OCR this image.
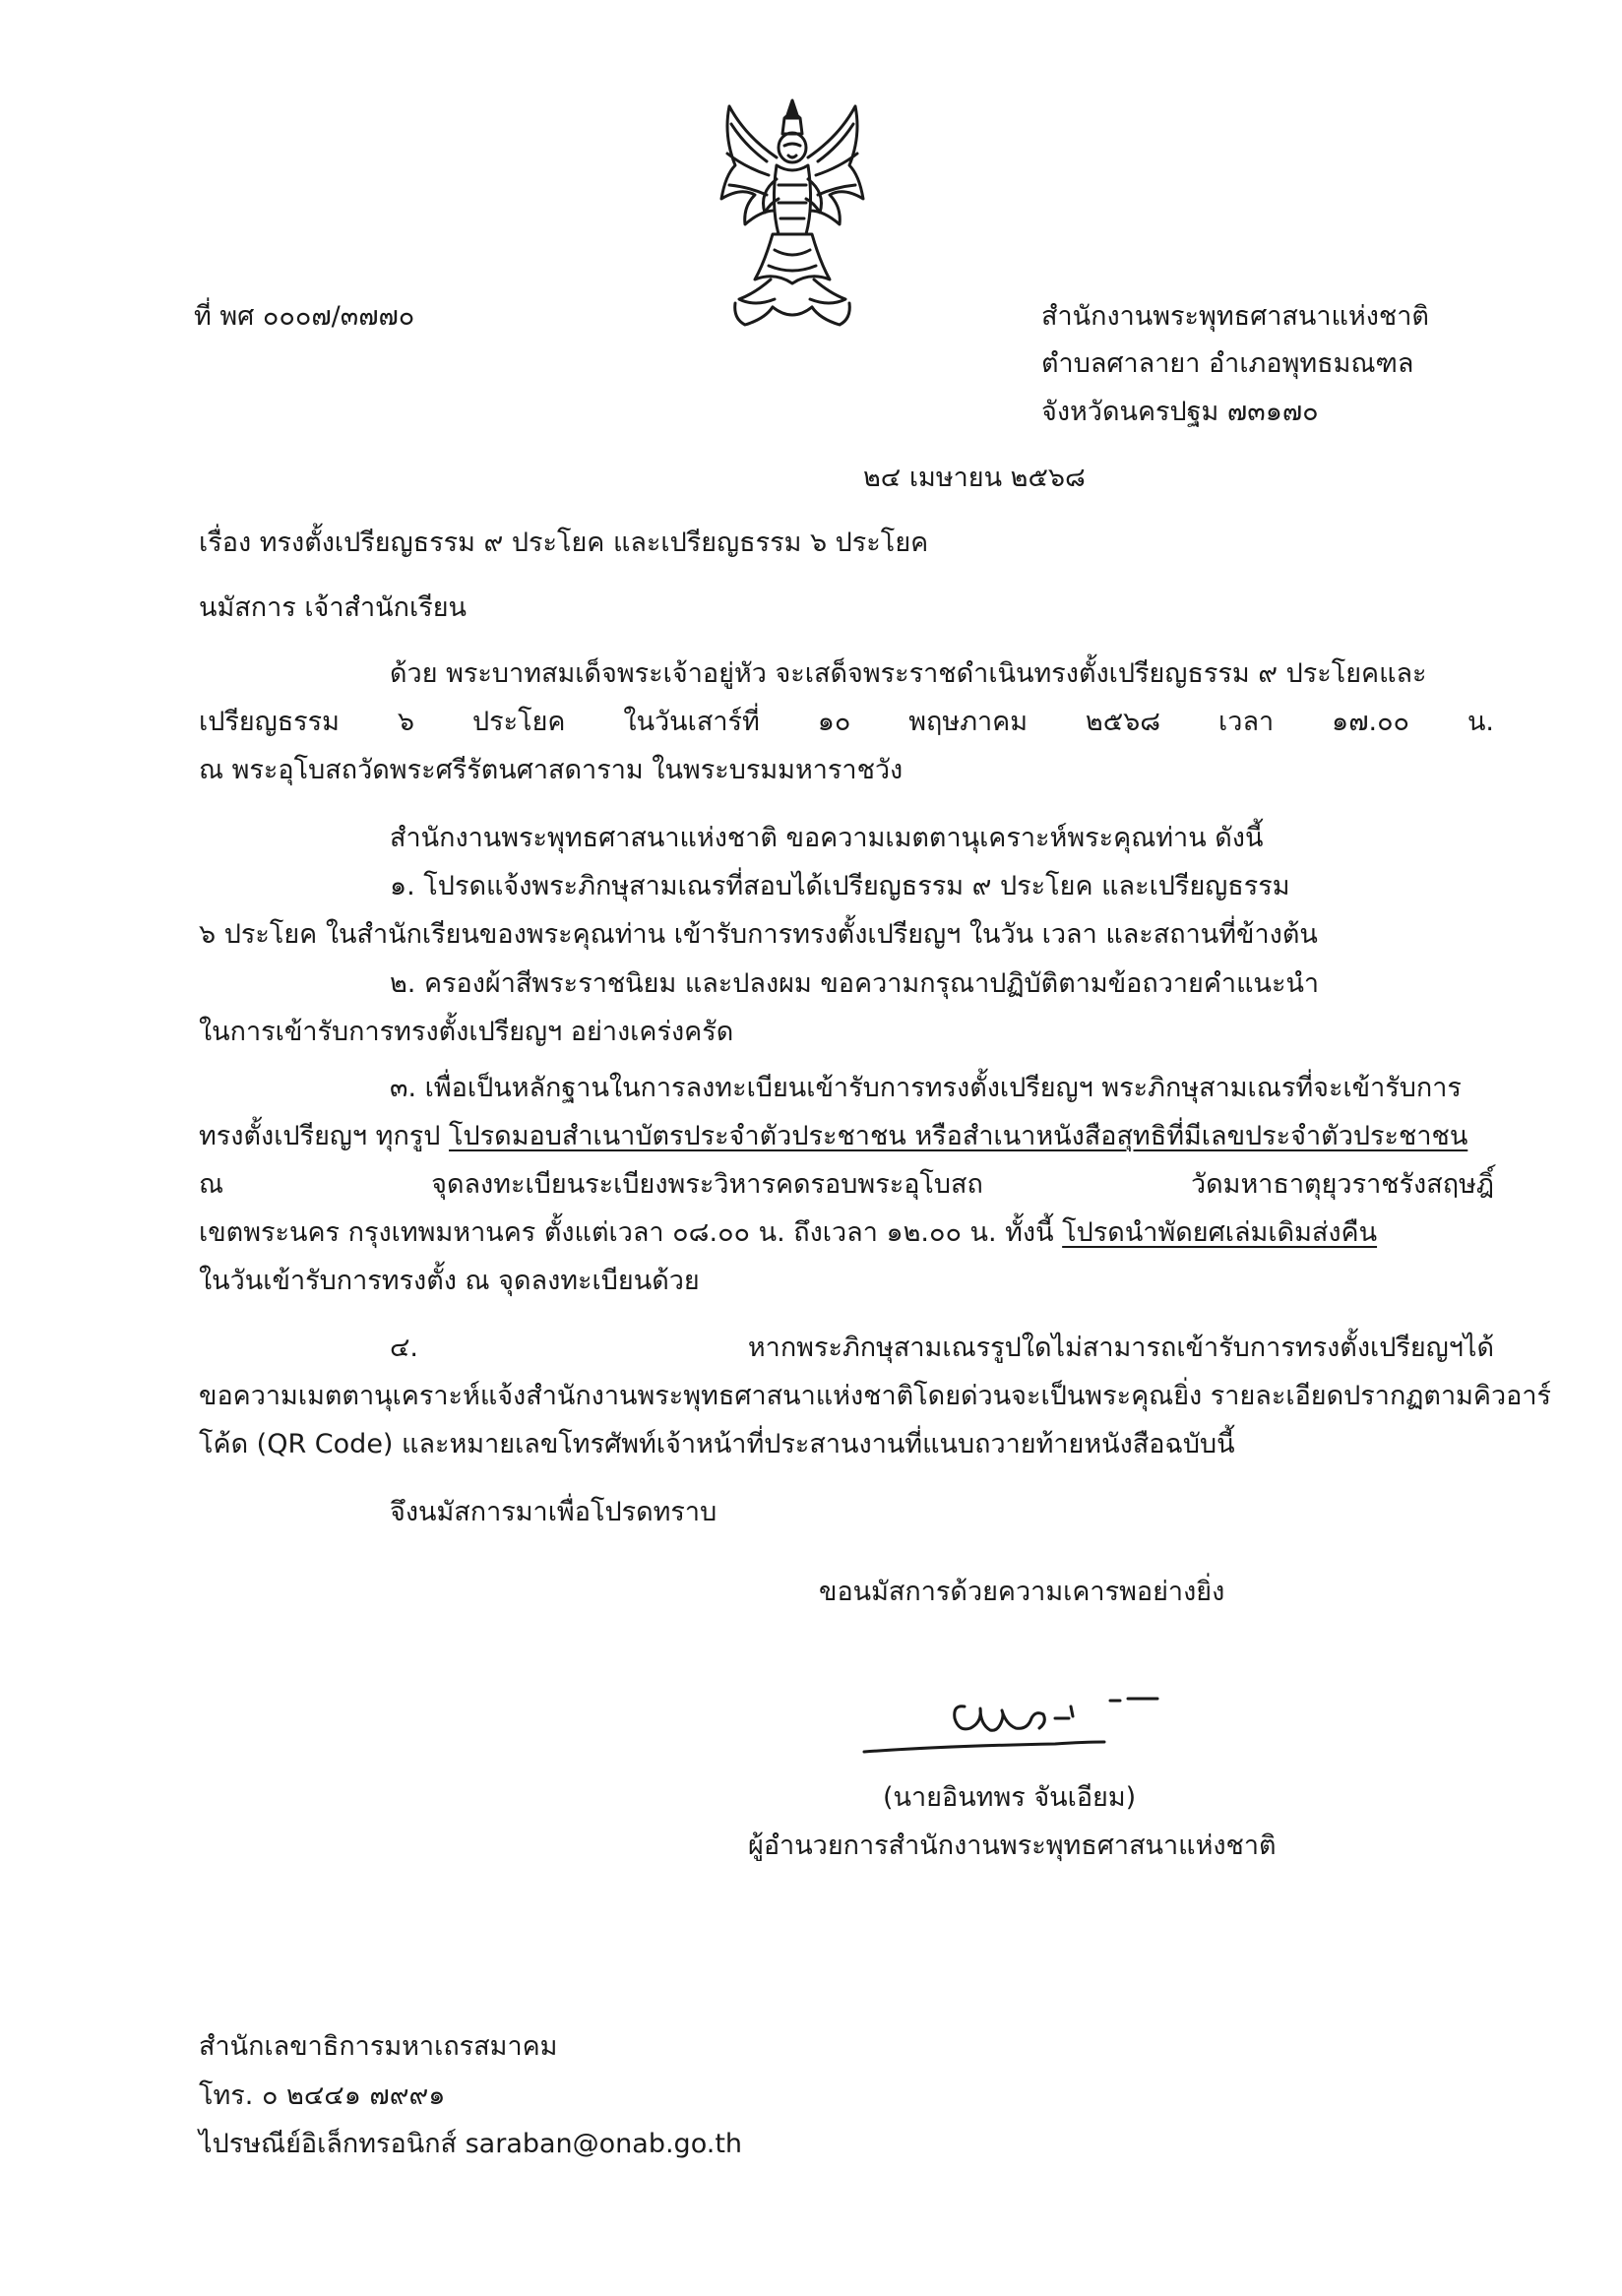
ที่ พศ ๐๐๐๗/๓๗๗๐	สำนักงานพระพุทธศาสนาแห่งชาติ
ตำบลศาลายา อำเภอพุทธมณฑล
จังหวัดนครปฐม ๗๓๑๗๐
๒๔ เมษายน ๒๕๖๘
เรื่อง ทรงตั้งเปรียญธรรม ๙ ประโยค และเปรียญธรรม ๖ ประโยค
นมัสการ เจ้าสำนักเรียน
ด้วย พระบาทสมเด็จพระเจ้าอยู่หัว จะเสด็จพระราชดำเนินทรงตั้งเปรียญธรรม ๙ ประโยคและ
เปรียญธรรม ๖ ประโยค ในวันเสาร์ที่ ๑๐ พฤษภาคม ๒๕๖๘ เวลา ๑๗.๐๐ น.
ณ พระอุโบสถวัดพระศรีรัตนศาสดาราม ในพระบรมมหาราชวัง
สำนักงานพระพุทธศาสนาแห่งชาติ ขอความเมตตานุเคราะห์พระคุณท่าน ดังนี้
๑. โปรดแจ้งพระภิกษุสามเณรที่สอบได้เปรียญธรรม ๙ ประโยค และเปรียญธรรม
๖ ประโยค ในสำนักเรียนของพระคุณท่าน เข้ารับการทรงตั้งเปรียญฯ ในวัน เวลา และสถานที่ข้างต้น
๒. ครองผ้าสีพระราชนิยม และปลงผม ขอความกรุณาปฏิบัติตามข้อถวายคำแนะนำ
ในการเข้ารับการทรงตั้งเปรียญฯ อย่างเคร่งครัด
๓. เพื่อเป็นหลักฐานในการลงทะเบียนเข้ารับการทรงตั้งเปรียญฯ พระภิกษุสามเณรที่จะเข้ารับการ
ทรงตั้งเปรียญฯ ทุกรูป โปรดมอบสำเนาบัตรประจำตัวประชาชน หรือสำเนาหนังสือสุทธิที่มีเลขประจำตัวประชาชน
ณ จุดลงทะเบียนระเบียงพระวิหารคดรอบพระอุโบสถ วัดมหาธาตุยุวราชรังสฤษฎิ์
เขตพระนคร กรุงเทพมหานคร ตั้งแต่เวลา ๐๘.๐๐ น. ถึงเวลา ๑๒.๐๐ น. ทั้งนี้ โปรดนำพัดยศเล่มเดิมส่งคืน
ในวันเข้ารับการทรงตั้ง ณ จุดลงทะเบียนด้วย
๔. หากพระภิกษุสามเณรรูปใดไม่สามารถเข้ารับการทรงตั้งเปรียญฯได้
ขอความเมตตานุเคราะห์แจ้งสำนักงานพระพุทธศาสนาแห่งชาติโดยด่วนจะเป็นพระคุณยิ่ง รายละเอียดปรากฏตามคิวอาร์
โค้ด (QR Code) และหมายเลขโทรศัพท์เจ้าหน้าที่ประสานงานที่แนบถวายท้ายหนังสือฉบับนี้
จึงนมัสการมาเพื่อโปรดทราบ
ขอนมัสการด้วยความเคารพอย่างยิ่ง
(นายอินทพร จันเอียม)
ผู้อำนวยการสำนักงานพระพุทธศาสนาแห่งชาติ
สำนักเลขาธิการมหาเถรสมาคม
โทร. ๐ ๒๔๔๑ ๗๙๙๑
ไปรษณีย์อิเล็กทรอนิกส์ saraban@onab.go.th
